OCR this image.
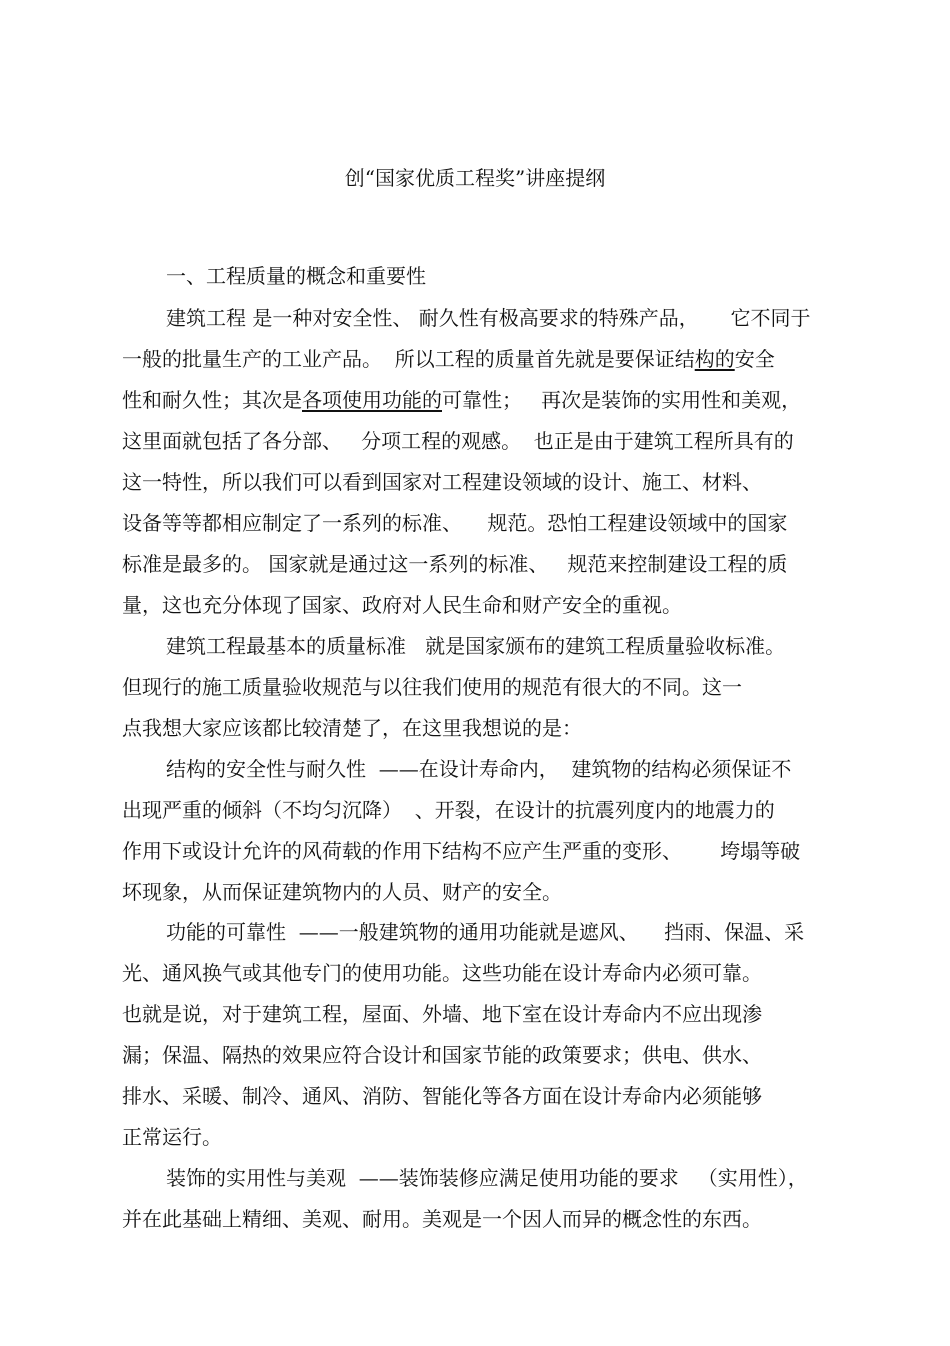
创“国家优质工程奖”讲座提纲
一、工程质量的概念和重要性
建筑工程 是一种对安全性、 耐久性有极高要求的特殊产品，     它不同于
一般的批量生产的工业产品。  所以工程的质量首先就是要保证结构的安全
性和耐久性；其次是各项使用功能的可靠性；   再次是装饰的实用性和美观，
这里面就包括了各分部、   分项工程的观感。  也正是由于建筑工程所具有的
这一特性，所以我们可以看到国家对工程建设领域的设计、施工、材料、
设备等等都相应制定了一系列的标准、    规范。恐怕工程建设领域中的国家
标准是最多的。 国家就是通过这一系列的标准、   规范来控制建设工程的质
量，这也充分体现了国家、政府对人民生命和财产安全的重视。
建筑工程最基本的质量标准   就是国家颁布的建筑工程质量验收标准。
但现行的施工质量验收规范与以往我们使用的规范有很大的不同。这一
点我想大家应该都比较清楚了，在这里我想说的是：
结构的安全性与耐久性  ——在设计寿命内，  建筑物的结构必须保证不
出现严重的倾斜（不均匀沉降）  、开裂，在设计的抗震列度内的地震力的
作用下或设计允许的风荷载的作用下结构不应产生严重的变形、      垮塌等破
坏现象，从而保证建筑物内的人员、财产的安全。
功能的可靠性  ——一般建筑物的通用功能就是遮风、    挡雨、保温、采
光、通风换气或其他专门的使用功能。这些功能在设计寿命内必须可靠。
也就是说，对于建筑工程，屋面、外墙、地下室在设计寿命内不应出现渗
漏；保温、隔热的效果应符合设计和国家节能的政策要求；供电、供水、
排水、采暖、制冷、通风、消防、智能化等各方面在设计寿命内必须能够
正常运行。
装饰的实用性与美观  ——装饰装修应满足使用功能的要求   （实用性），
并在此基础上精细、美观、耐用。美观是一个因人而异的概念性的东西。
